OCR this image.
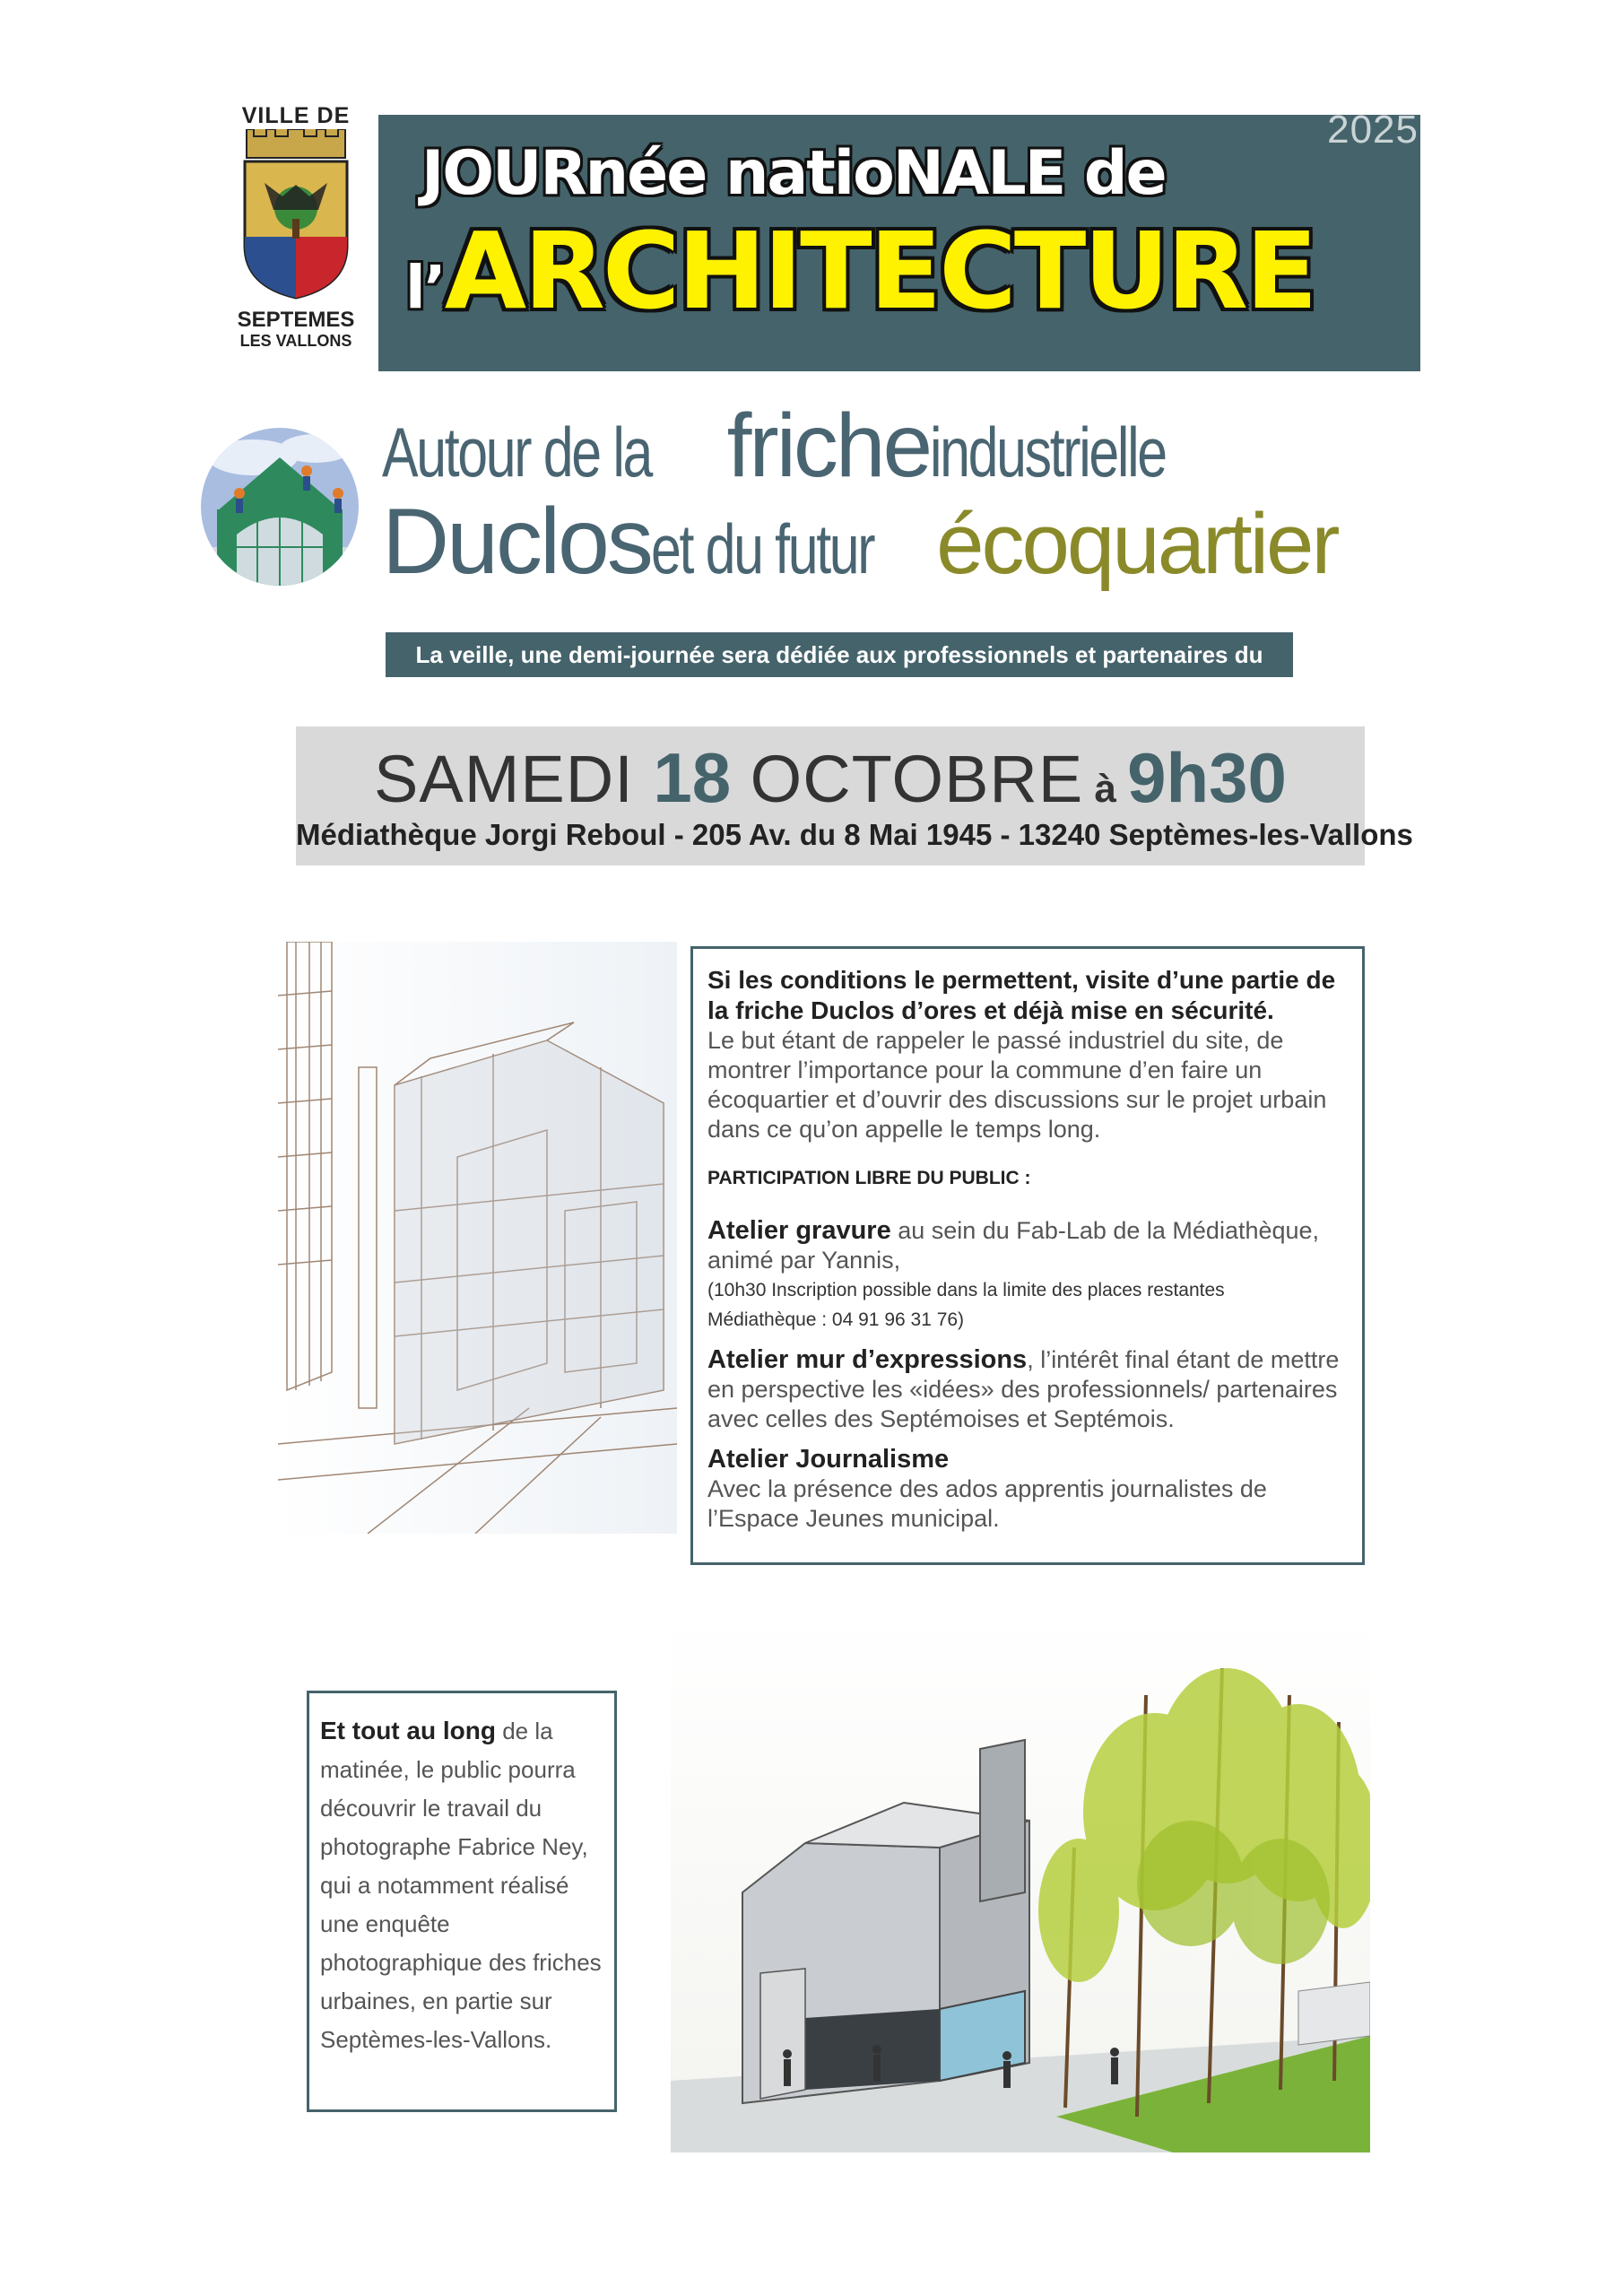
VILLE DE
SEPTEMES
LES VALLONS
2025
JOURnée natioNALE de
l’ARCHITECTURE
Autour de lafricheindustrielle
Ducloset du futurécoquartier
La veille, une demi-journée sera dédiée aux professionnels et partenaires du projet.
SAMEDI 18 OCTOBRE à 9h30
Médiathèque Jorgi Reboul - 205 Av. du 8 Mai 1945 - 13240 Septèmes-les-Vallons

Si les conditions le permettent, visite d’une partie de la friche Duclos d’ores et déjà mise en sécurité.

Le but étant de rappeler le passé industriel du site, de montrer l’importance pour la commune d’en faire un écoquartier et d’ouvrir des discussions sur le projet urbain dans ce qu’on appelle le temps long.

PARTICIPATION LIBRE DU PUBLIC :

Atelier gravure au sein du Fab-Lab de la Médiathèque, animé par Yannis,

(10h30 Inscription possible dans la limite des places restantes

Médiathèque : 04 91 96 31 76)

Atelier mur d’expressions, l’intérêt final étant de mettre en perspective les «idées» des professionnels/ partenaires avec celles des Septémoises et Septémois.

Atelier Journalisme

Avec la présence des ados apprentis journalistes de l’Espace Jeunes municipal.

Et tout au long de la matinée, le public pourra découvrir le travail du photographe Fabrice Ney, qui a notamment réalisé une enquête photographique des friches urbaines, en partie sur Septèmes-les-Vallons.
